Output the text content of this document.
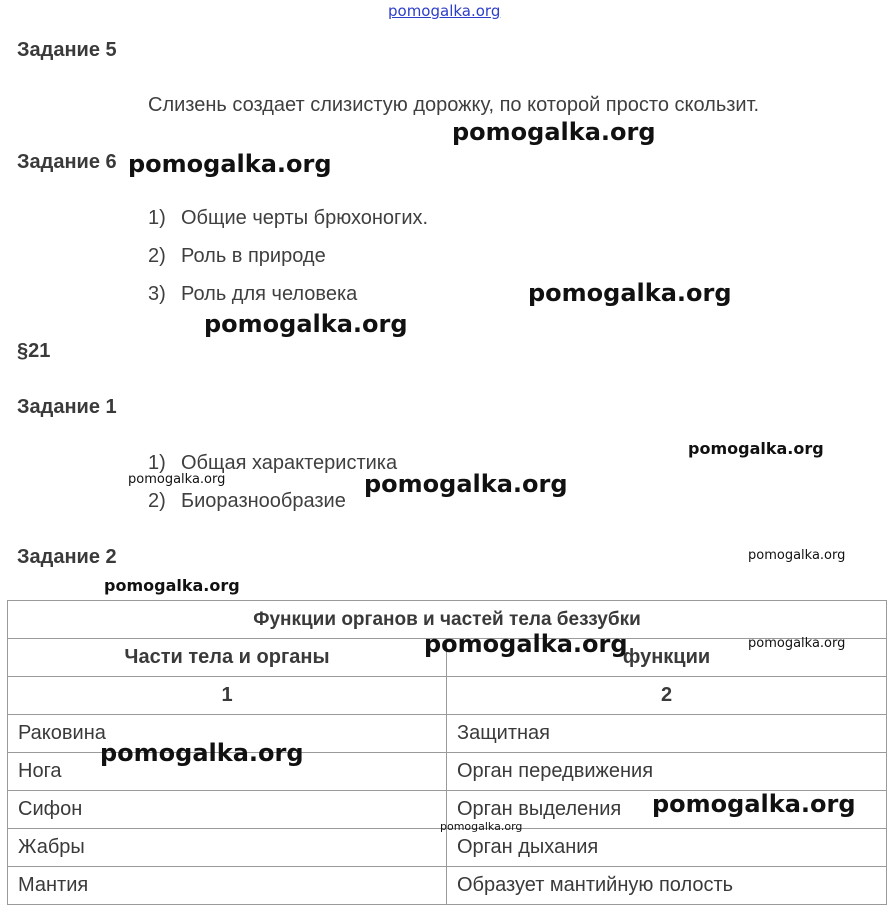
pomogalka.org
Задание 5
Слизень создает слизистую дорожку, по которой просто скользит.
Задание 6
1) Общие черты брюхоногих.
2) Роль в природе
3) Роль для человека
§21
Задание 1
1) Общая характеристика
2) Биоразнообразие
Задание 2
Функции органов и частей тела беззубки	
Части тела и органы	функции
1	2
Раковина	Защитная
Нога	Орган передвижения
Сифон	Орган выделения
Жабры	Орган дыхания
Мантия	Образует мантийную полость
pomogalka.org
pomogalka.org
pomogalka.org
pomogalka.org
pomogalka.org
pomogalka.org	pomogalka.org
pomogalka.org
pomogalka.org
pomogalka.org	pomogalka.org
pomogalka.org
pomogalka.org
pomogalka.org
